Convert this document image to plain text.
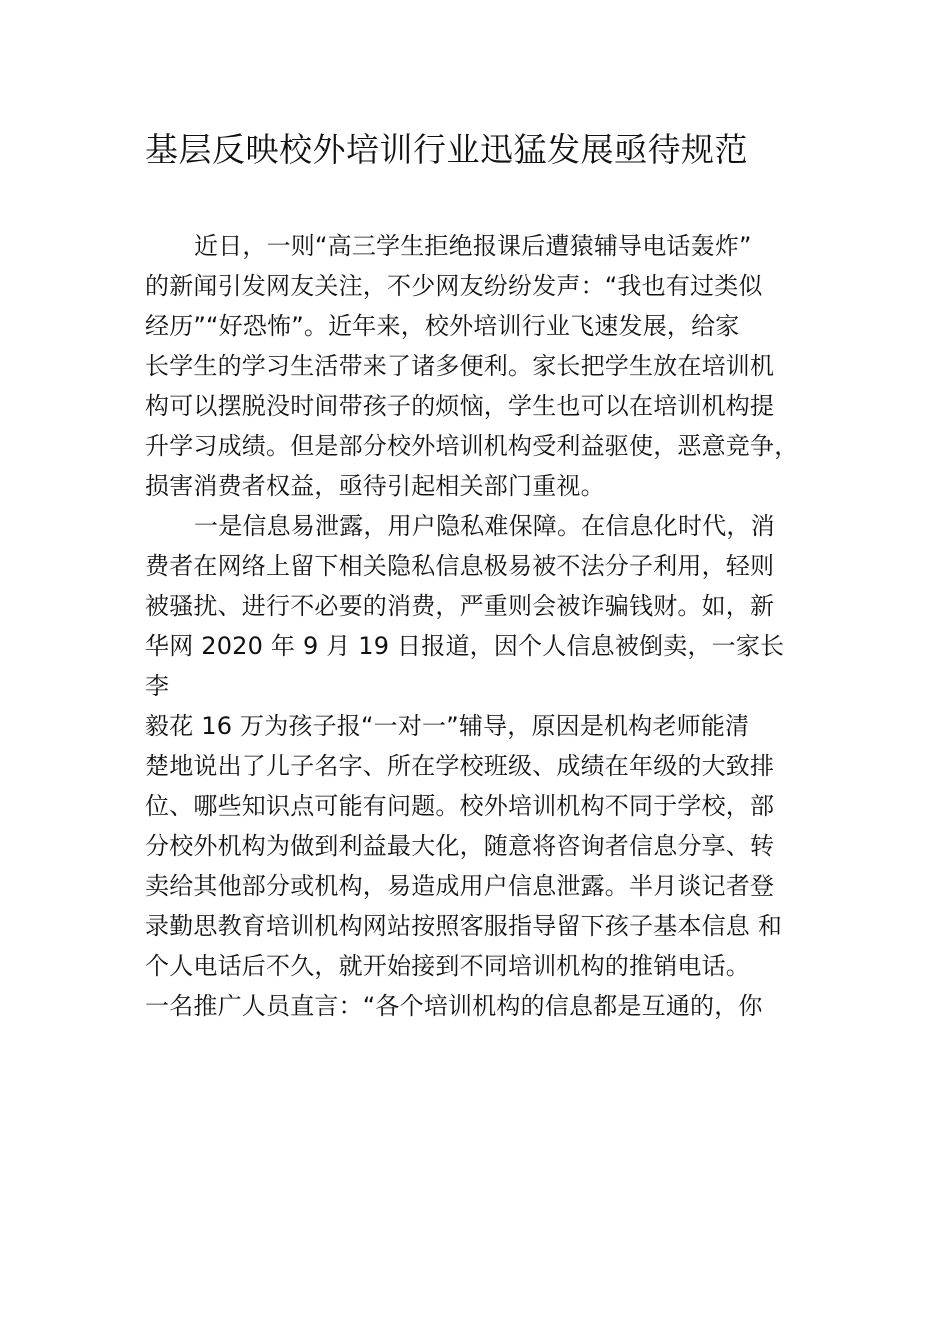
基层反映校外培训行业迅猛发展亟待规范
近日，一则“高三学生拒绝报课后遭猿辅导电话轰炸”
的新闻引发网友关注，不少网友纷纷发声：“我也有过类似
经历”“好恐怖”。近年来，校外培训行业飞速发展，给家
长学生的学习生活带来了诸多便利。家长把学生放在培训机
构可以摆脱没时间带孩子的烦恼，学生也可以在培训机构提
升学习成绩。但是部分校外培训机构受利益驱使，恶意竞争，
损害消费者权益，亟待引起相关部门重视。
一是信息易泄露，用户隐私难保障。在信息化时代，消
费者在网络上留下相关隐私信息极易被不法分子利用，轻则
被骚扰、进行不必要的消费，严重则会被诈骗钱财。如，新
华网 2020 年 9 月 19 日报道，因个人信息被倒卖，一家长
李
毅花 16 万为孩子报“一对一”辅导，原因是机构老师能清
楚地说出了儿子名字、所在学校班级、成绩在年级的大致排
位、哪些知识点可能有问题。校外培训机构不同于学校，部
分校外机构为做到利益最大化，随意将咨询者信息分享、转
卖给其他部分或机构，易造成用户信息泄露。半月谈记者登
录勤思教育培训机构网站按照客服指导留下孩子基本信息 和
个人电话后不久，就开始接到不同培训机构的推销电话。
一名推广人员直言：“各个培训机构的信息都是互通的，你
